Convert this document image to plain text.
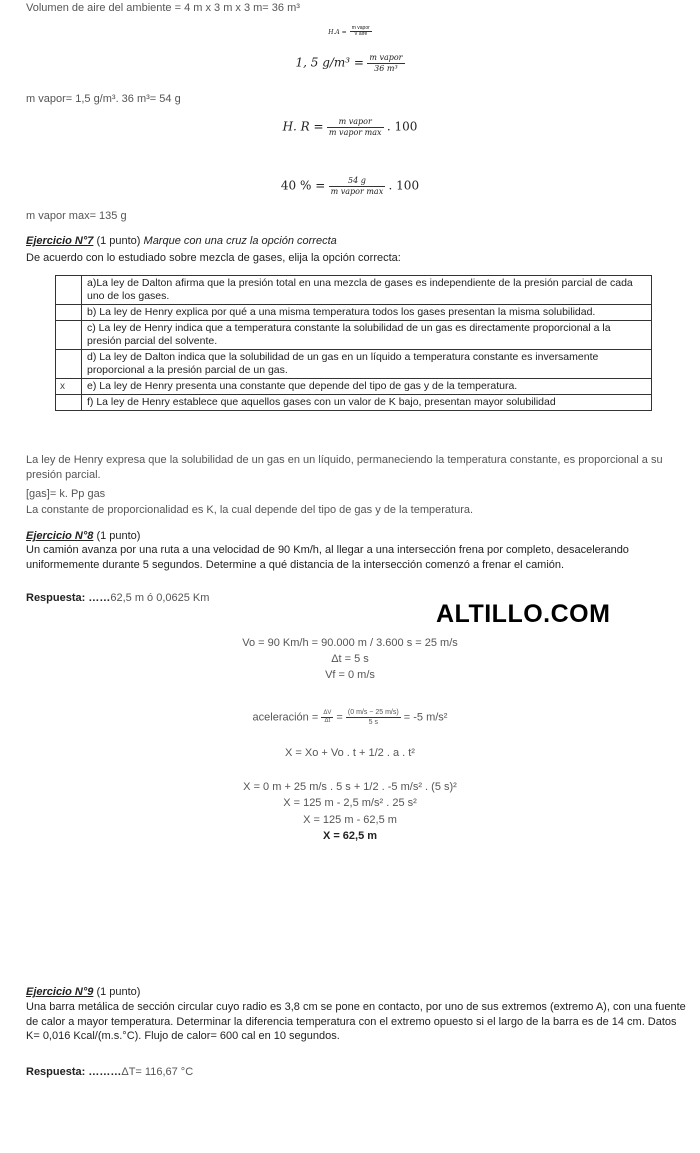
Volumen de aire del ambiente = 4 m x 3 m x 3 m= 36 m³
$H.A = \frac{\text{m vapor}}{\text{V aire}}$
1, 5 $g/m^3 = \frac{\text{m vapor}}{\text{36 m³}}$
m vapor= 1,5 g/m³. 36 m³= 54 g
H. $R = \frac{\text{m vapor}}{\text{m vapor max}}$ . 100
40 % = $\frac{54 g}{\text{m vapor max}}$ . 100
m vapor max= 135 g
Ejercicio N°7 (1 punto) Marque con una cruz la opción correcta
De acuerdo con lo estudiado sobre mezcla de gases, elija la opción correcta:
	a)La ley de Dalton afirma que la presión total en una mezcla de gases es independiente de la presión parcial de cada uno de los gases.
	b) La ley de Henry explica por qué a una misma temperatura todos los gases presentan la misma solubilidad.
	c) La ley de Henry indica que a temperatura constante la solubilidad de un gas es directamente proporcional a la presión parcial del solvente.
	d) La ley de Dalton indica que la solubilidad de un gas en un líquido a temperatura constante es inversamente proporcional a la presión parcial de un gas.
x	e) La ley de Henry presenta una constante que depende del tipo de gas y de la temperatura.
	f) La ley de Henry establece que aquellos gases con un valor de K bajo, presentan mayor solubilidad
La ley de Henry expresa que la solubilidad de un gas en un líquido, permaneciendo la temperatura constante, es proporcional a su presión parcial.
[gas]= k. Pp gas
La constante de proporcionalidad es K, la cual depende del tipo de gas y de la temperatura.
Ejercicio N°8 (1 punto)
Un camión avanza por una ruta a una velocidad de 90 Km/h, al llegar a una intersección frena por completo, desacelerando uniformemente durante 5 segundos. Determine a qué distancia de la intersección comenzó a frenar el camión.
Respuesta: ……62,5 m ó 0,0625 Km
ALTILLO.COM
Vo = 90 Km/h = 90.000 m / 3.600 s = 25 m/s
Δt = 5 s
Vf = 0 m/s
aceleración = $\frac{\Delta V}{\Delta t} = \frac{(0 m/s - 25 m/s)}{5 s} = -5$ m/s²
X = Xo + Vo . t + 1/2 . a . t²
X = 0 m + 25 m/s . 5 s + 1/2 . -5 m/s² . (5 s)²
X = 125 m - 2,5 m/s² . 25 s²
X = 125 m - 62,5 m
X = 62,5 m
Ejercicio N°9 (1 punto)
Una barra metálica de sección circular cuyo radio es 3,8 cm se pone en contacto, por uno de sus extremos (extremo A), con una fuente de calor a mayor temperatura. Determinar la diferencia temperatura con el extremo opuesto si el largo de la barra es de 14 cm. Datos K= 0,016 Kcal/(m.s.°C). Flujo de calor= 600 cal en 10 segundos.
Respuesta: ………ΔT= 116,67 °C
